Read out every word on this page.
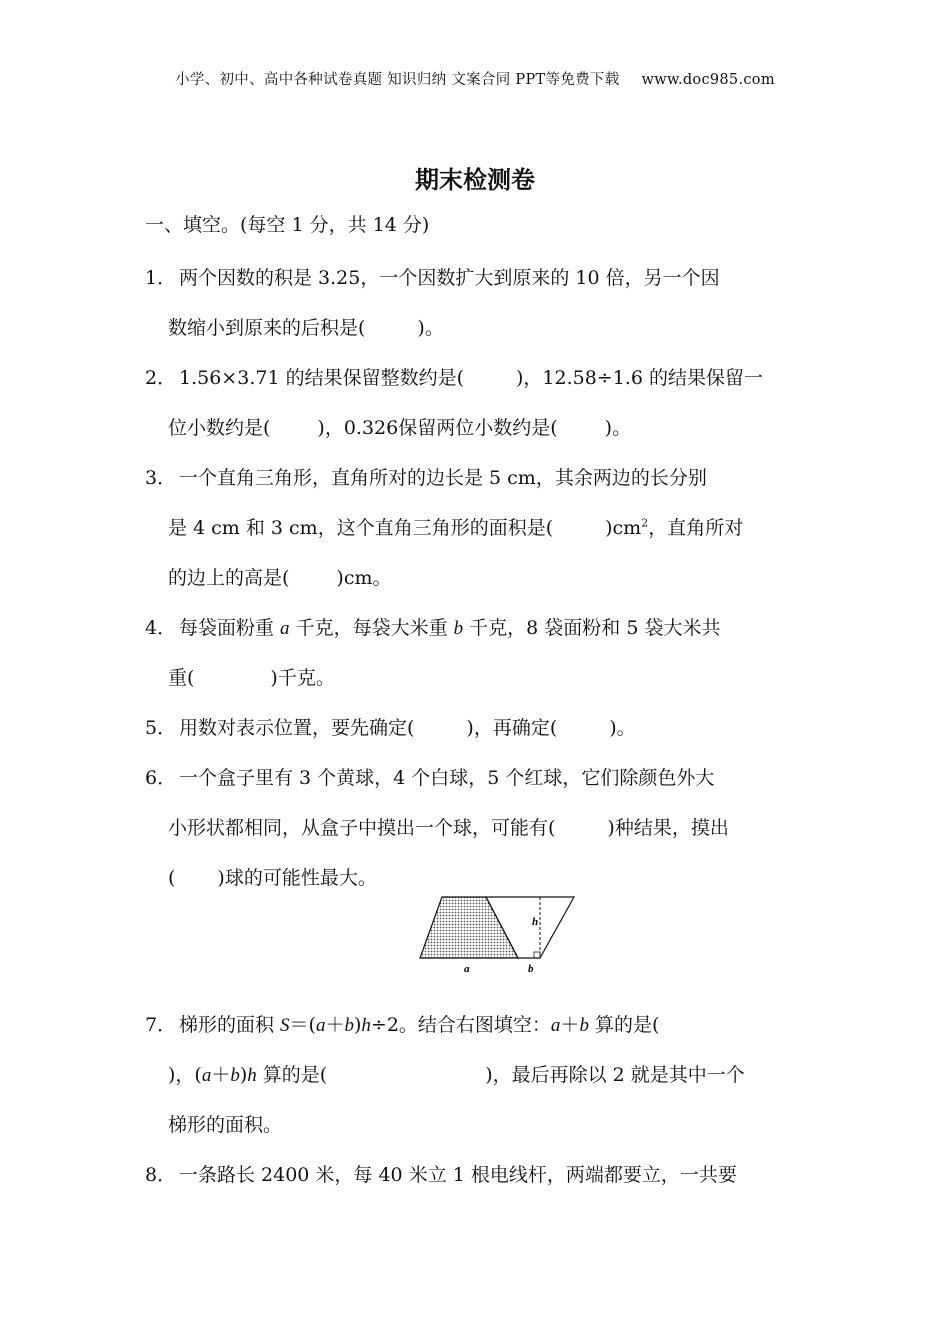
小学、初中、高中各种试卷真题 知识归纳 文案合同 PPT等免费下载 www.doc985.com
期末检测卷
一、填空。(每空 1 分，共 14 分)
1． 两个因数的积是 3.25，一个因数扩大到原来的 10 倍，另一个因
数缩小到原来的后积是(	)。
2． 1.56×3.71 的结果保留整数约是(	)，12.58÷1.6 的结果保留一
位小数约是( )，0.326保留两位小数约是( )。
3． 一个直角三角形，直角所对的边长是 5 cm，其余两边的长分别
是 4 cm 和 3 cm，这个直角三角形的面积是(	)$cm^2$，直角所对
的边上的高是( )cm。
4． 每袋面粉重 a 千克，每袋大米重 b 千克，8 袋面粉和 5 袋大米共
重(	)千克。
5． 用数对表示位置，要先确定(	)，再确定(	)。
6． 一个盒子里有 3 个黄球，4 个白球，5 个红球，它们除颜色外大
小形状都相同，从盒子中摸出一个球，可能有(	)种结果，摸出
( )球的可能性最大。
h
a	b
7． 梯形的面积 S＝(a＋b)h÷2。结合右图填空：a＋b 算的是(
)，(a＋b)h 算的是(	)，最后再除以 2 就是其中一个
梯形的面积。
8． 一条路长 2400 米，每 40 米立 1 根电线杆，两端都要立，一共要
